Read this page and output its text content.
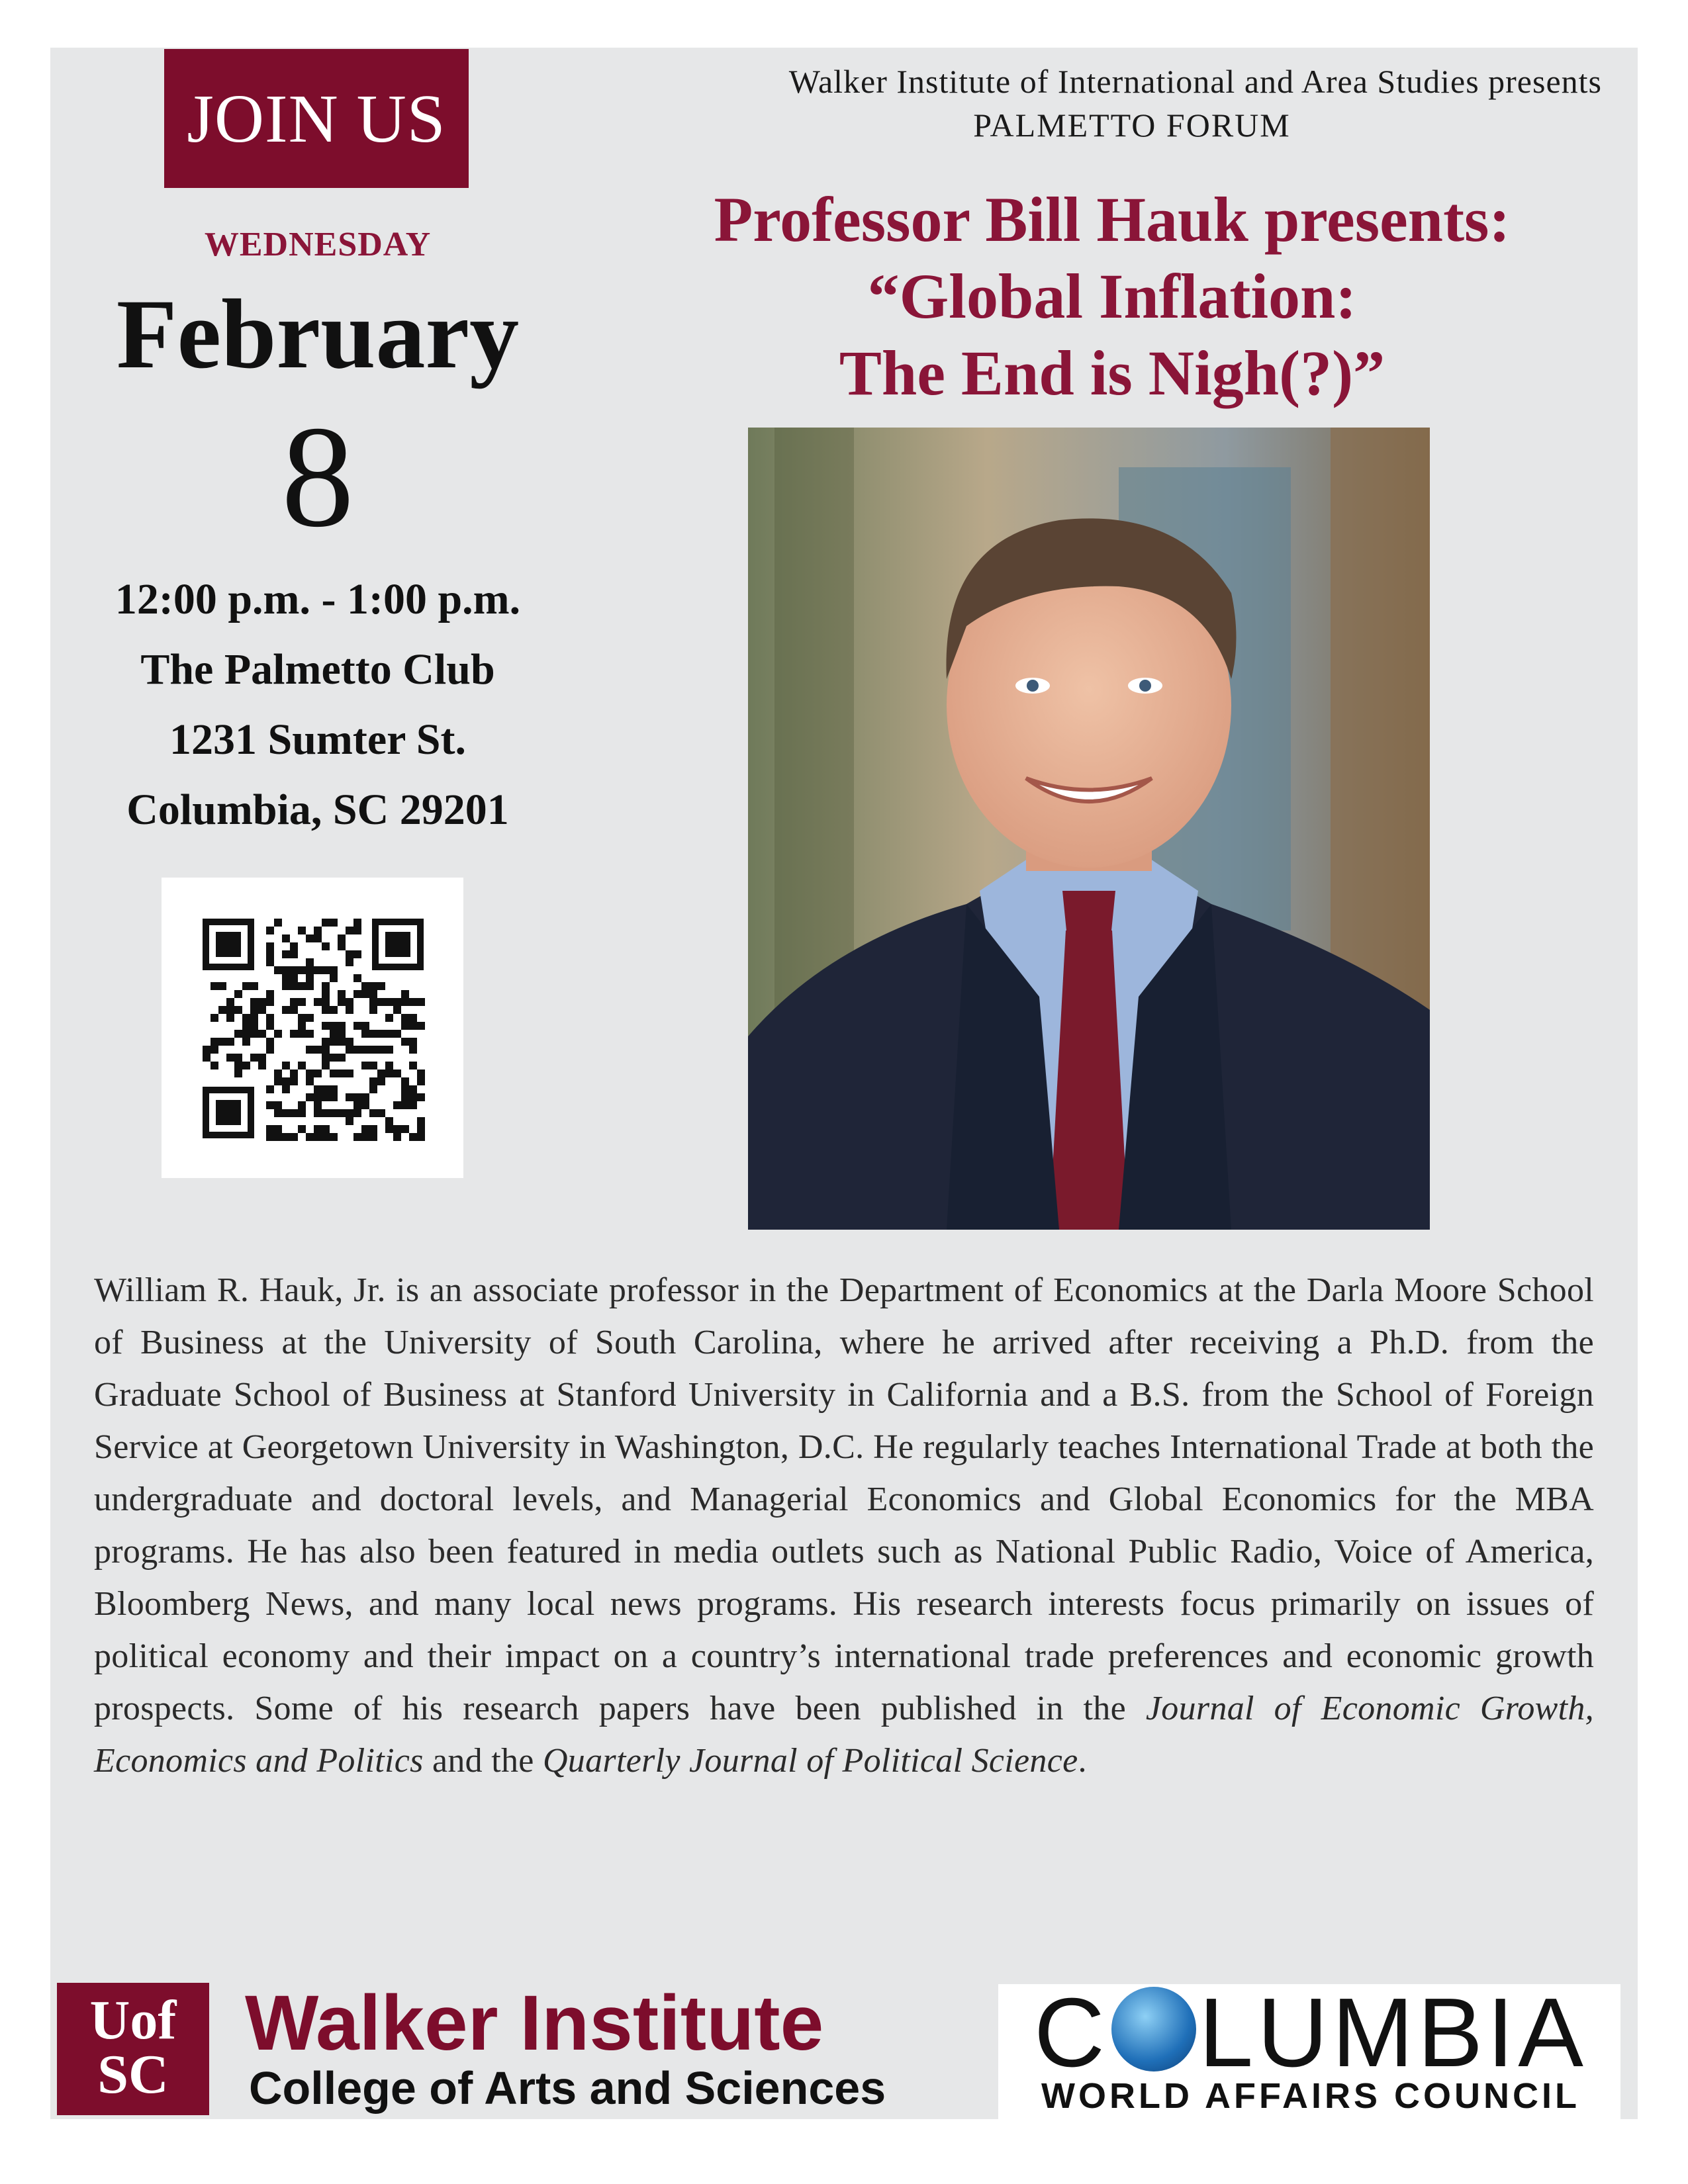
JOIN US
WEDNESDAY
February
8
12:00 p.m. - 1:00 p.m.
The Palmetto Club
1231 Sumter St.
Columbia, SC 29201
Walker Institute of International and Area Studies presents
PALMETTO FORUM
Professor Bill Hauk presents:
“Global Inflation:
The End is Nigh(?)”
William R. Hauk, Jr. is an associate professor in the Department of Economics at the Darla Moore School of Business at the University of South Carolina, where he arrived after receiving a Ph.D. from the Graduate School of Business at Stanford University in California and a B.S. from the School of Foreign Service at Georgetown University in Washington, D.C. He regularly teaches International Trade at both the undergraduate and doctoral levels, and Managerial Economics and Global Economics for the MBA programs. He has also been featured in media outlets such as National Public Radio, Voice of America, Bloomberg News, and many local news programs. His research interests focus primarily on issues of political economy and their impact on a country’s international trade preferences and economic growth prospects. Some of his research papers have been published in the Journal of Economic Growth, Economics and Politics and the Quarterly Journal of Political Science.
Uof
SC
Walker Institute
College of Arts and Sciences
C LUMBIA
WORLD AFFAIRS COUNCIL
